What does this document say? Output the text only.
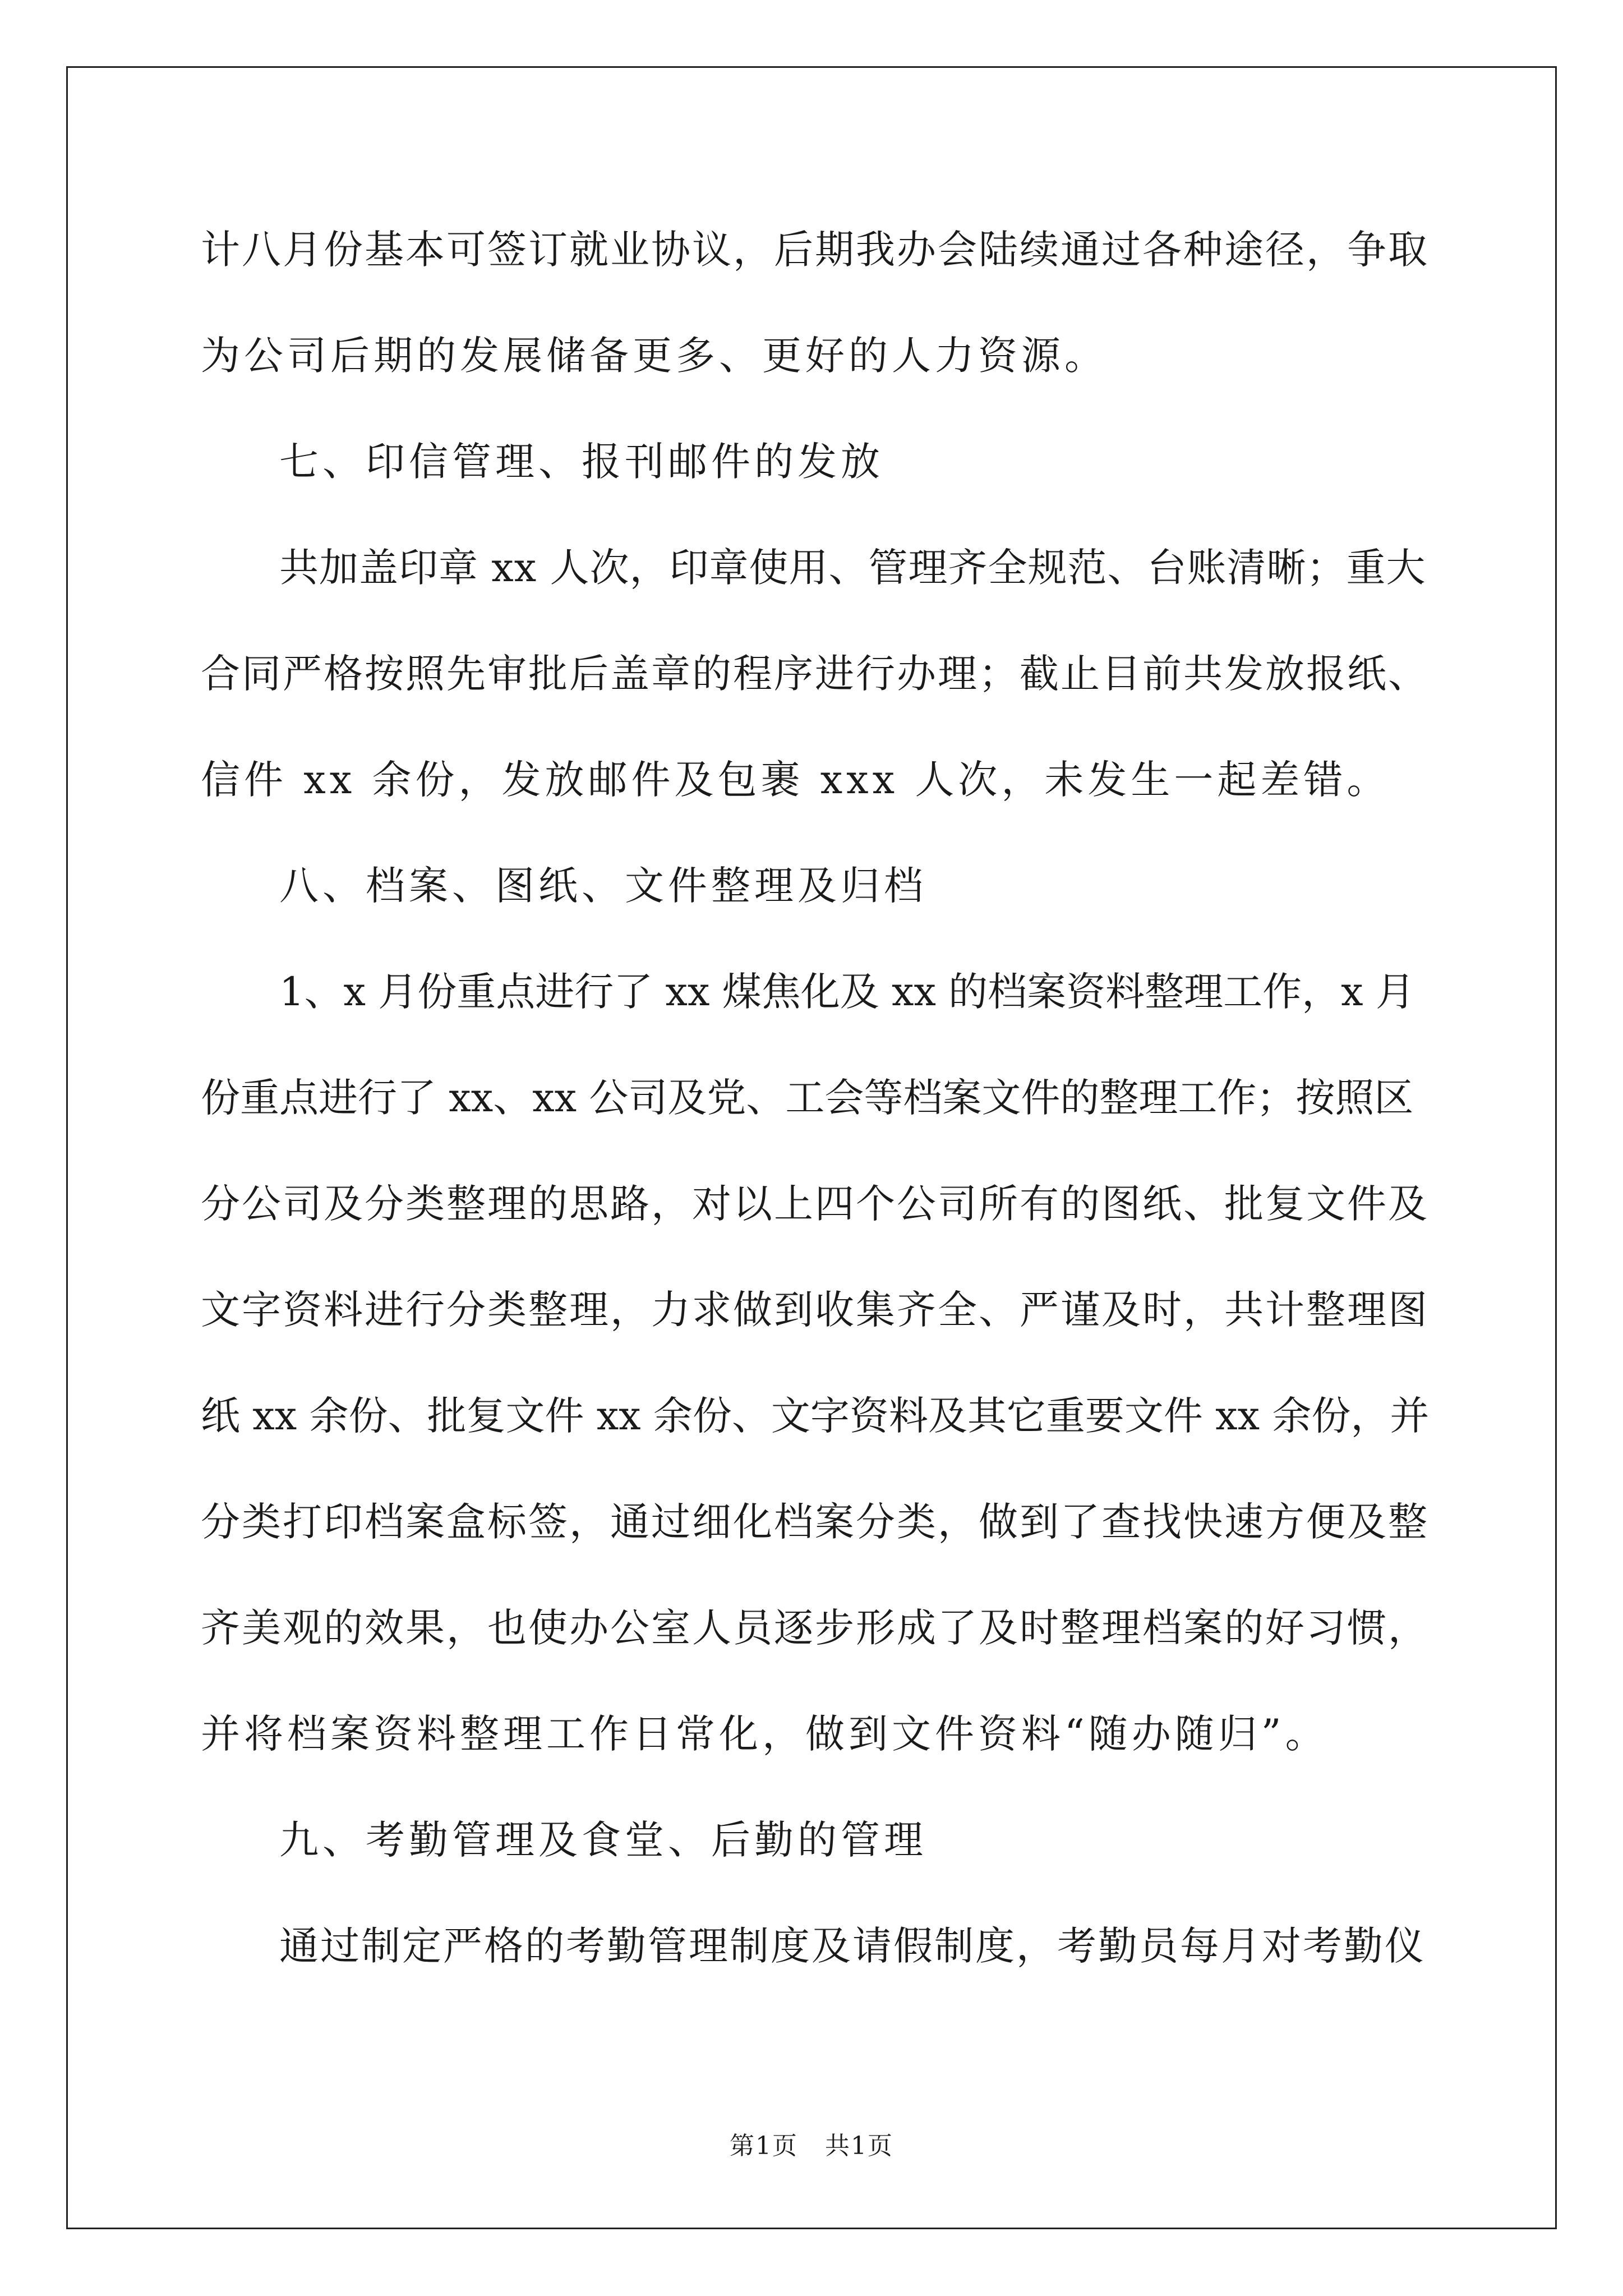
计八月份基本可签订就业协议，后期我办会陆续通过各种途径，争取
为公司后期的发展储备更多、更好的人力资源。
七、印信管理、报刊邮件的发放
共加盖印章 xx 人次，印章使用、管理齐全规范、台账清晰；重大
合同严格按照先审批后盖章的程序进行办理；截止目前共发放报纸、
信件 xx 余份，发放邮件及包裹 xxx 人次，未发生一起差错。
八、档案、图纸、文件整理及归档
1、x 月份重点进行了 xx 煤焦化及 xx 的档案资料整理工作，x 月
份重点进行了 xx、xx 公司及党、工会等档案文件的整理工作；按照区
分公司及分类整理的思路，对以上四个公司所有的图纸、批复文件及
文字资料进行分类整理，力求做到收集齐全、严谨及时，共计整理图
纸 xx 余份、批复文件 xx 余份、文字资料及其它重要文件 xx 余份，并
分类打印档案盒标签，通过细化档案分类，做到了查找快速方便及整
齐美观的效果，也使办公室人员逐步形成了及时整理档案的好习惯，
并将档案资料整理工作日常化，做到文件资料“随办随归”。
九、考勤管理及食堂、后勤的管理
通过制定严格的考勤管理制度及请假制度，考勤员每月对考勤仪
第1页   共1页
